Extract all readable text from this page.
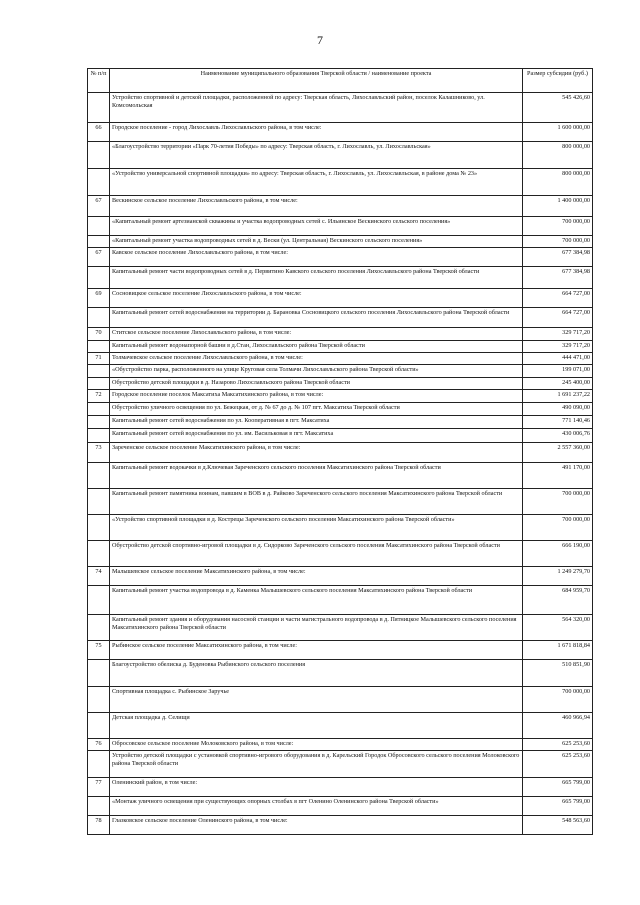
7
№ п/п	Наименование муниципального образования Тверской области / наименование проекта	Размер субсидии (руб.)
	Устройство спортивной и детской площадки, расположенной по адресу: Тверская область, Лихославльский район, поселок Калашниково, ул. Комсомольская	545 426,60
66	Городское поселение - город Лихославль Лихославльского района, в том числе:	1 600 000,00
	«Благоустройство территории «Парк 70-летия Победы» по адресу: Тверская область, г. Лихославль, ул. Лихославльская»	800 000,00
	«Устройство универсальной спортивной площадки» по адресу: Тверская область, г. Лихославль, ул. Лихославльская, в районе дома № 23»	800 000,00
67	Вескинское сельское поселение Лихославльского района, в том числе:	1 400 000,00
	«Капитальный ремонт артезианской скважины и участка водопроводных сетей с. Ильинское Вескинского сельского поселения»	700 000,00
	«Капитальный ремонт участка водопроводных сетей в д. Вески (ул. Центральная) Вескинского сельского поселения»	700 000,00
67	Кавское сельское поселение Лихославльского района, в том числе:	677 384,98
	Капитальный ремонт части водопроводных сетей в д. Первитино Кавского сельского поселения Лихославльского района Тверской области	677 384,98
69	Сосновицкое сельское поселение Лихославльского района, в том числе:	664 727,00
	Капитальный ремонт сетей водоснабжения на территории д. Барановка Сосновицкого сельского поселения Лихославльского района Тверской области	664 727,00
70	Ститское сельское поселение Лихославльского района, в том числе:	329 717,20
	Капитальный ремонт водонапорной башни в д.Стан, Лихославльского района Тверской области	329 717,20
71	Толмачевское сельское поселение Лихославльского района, в том числе:	444 471,00
	«Обустройство парка, расположенного на улице Круговая села Толмачи Лихославльского района Тверской области»	199 071,00
	Обустройство детской площадки в д. Назарово Лихославльского района Тверской области	245 400,00
72	Городское поселение поселок Максатиха Максатихинского района, в том числе:	1 691 237,22
	Обустройство уличного освещения по ул. Бежецкая, от д. № 67 до д. № 107 пгт. Максатиха Тверской области	490 090,00
	Капитальный ремонт сетей водоснабжения по ул. Кооперативная в пгт. Максатиха	771 140,46
	Капитальный ремонт сетей водоснабжения по ул. им. Васильковая в пгт. Максатиха	430 006,76
73	Зареченское сельское поселение Максатихинского района, в том числе:	2 557 360,00
	Капитальный ремонт водокачки в д.Ключевая Зареченского сельского поселения Максатихинского района Тверской области	491 170,00
	Капитальный ремонт памятника воинам, павшим в ВОВ в д. Райково Зареченского сельского поселения Максатихинского района Тверской области	700 000,00
	«Устройство спортивной площадки в д. Кострецы Зареченского сельского поселения Максатихинского района Тверской области»	700 000,00
	Обустройство детской спортивно-игровой площадки в д. Сидорково Зареченского сельского поселения Максатихинского района Тверской области	666 190,00
74	Малышевское сельское поселение Максатихинского района, в том числе:	1 249 279,70
	Капитальный ремонт участка водопровода в д. Каменка Малышевского сельского поселения Максатихинского района Тверской области	684 959,70
	Капитальный ремонт здания и оборудования насосной станции и части магистрального водопровода в д. Пятницкое Малышевского сельского поселения Максатихинского района Тверской области	564 320,00
75	Рыбинское сельское поселение Максатихинского района, в том числе:	1 671 818,84
	Благоустройство обелиска д. Буденовка Рыбинского сельского поселения	510 851,90
	Спортивная площадка с. Рыбинское Заручье	700 000,00
	Детская площадка д. Селищи	460 966,94
76	Обросовское сельское поселение Молоковского района, в том числе:	625 253,60
	Устройство детской площадки с установкой спортивно-игрового оборудования в д. Карельский Городок Обросовского сельского поселения Молоковского района Тверской области	625 253,60
77	Оленинский район, в том числе:	665 799,00
	«Монтаж уличного освещения при существующих опорных столбах в пгт Оленино Оленинского района Тверской области»	665 799,00
78	Глазковское сельское поселение Оленинского района, в том числе:	548 563,60
